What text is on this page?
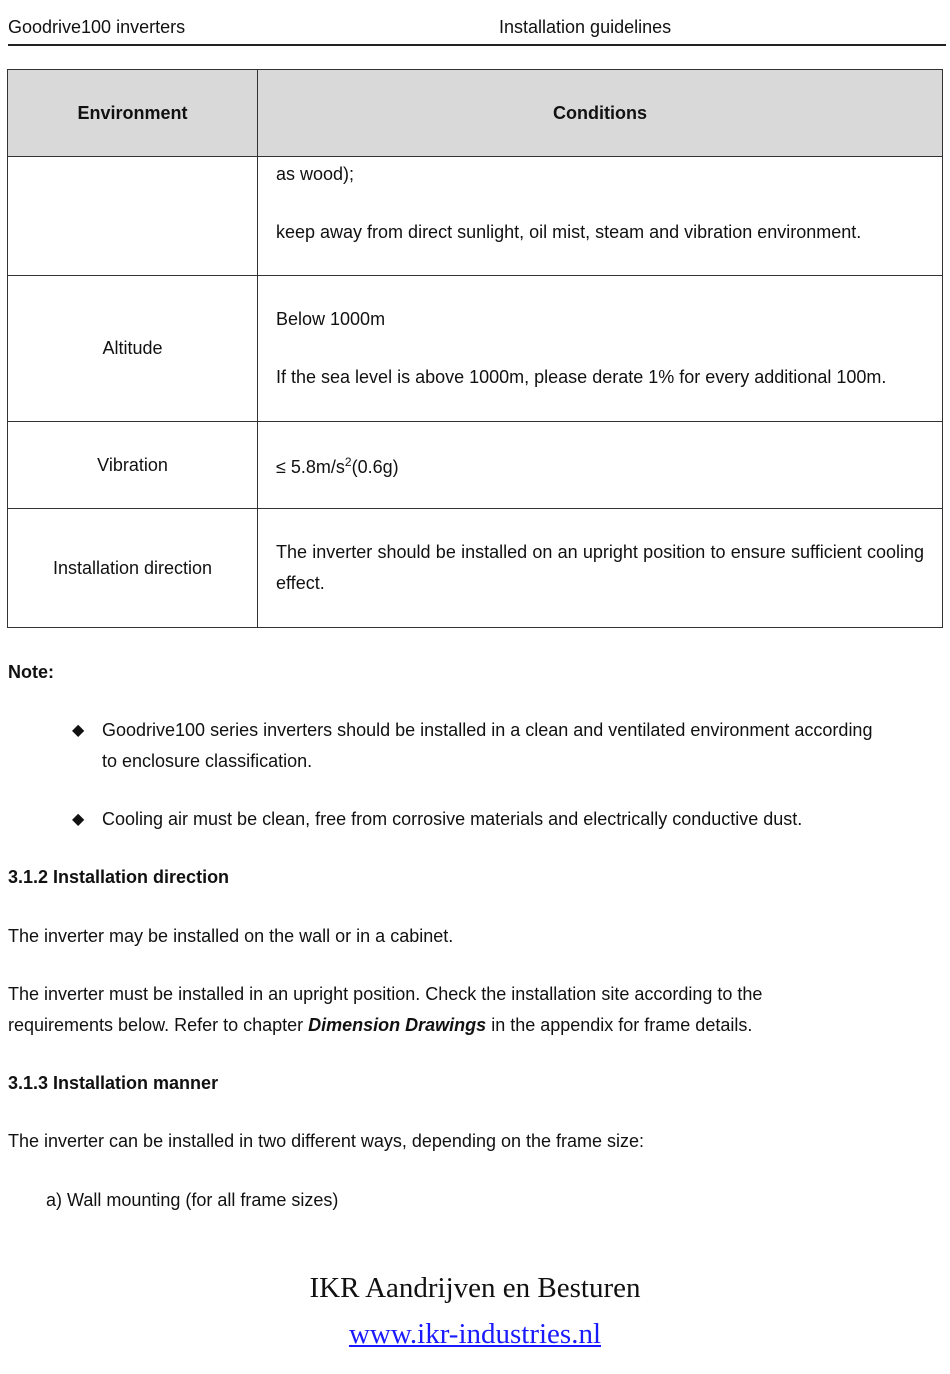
Goodrive100 inverters	Installation guidelines
Environment	Conditions

	as wood);

keep away from direct sunlight, oil mist, steam and vibration environment.

Altitude	Below 1000m

If the sea level is above 1000m, please derate 1% for every additional 100m.

Vibration	≤ $5.8m/s^2(0.6g)$
Installation direction	The inverter should be installed on an upright position to ensure sufficient cooling effect.
Note:
◆ Goodrive100 series inverters should be installed in a clean and ventilated environment according
to enclosure classification.
◆ Cooling air must be clean, free from corrosive materials and electrically conductive dust.
3.1.2 Installation direction
The inverter may be installed on the wall or in a cabinet.
The inverter must be installed in an upright position. Check the installation site according to the
requirements below. Refer to chapter Dimension Drawings in the appendix for frame details.
3.1.3 Installation manner
The inverter can be installed in two different ways, depending on the frame size:
a) Wall mounting (for all frame sizes)
IKR Aandrijven en Besturen
www.ikr-industries.nl
